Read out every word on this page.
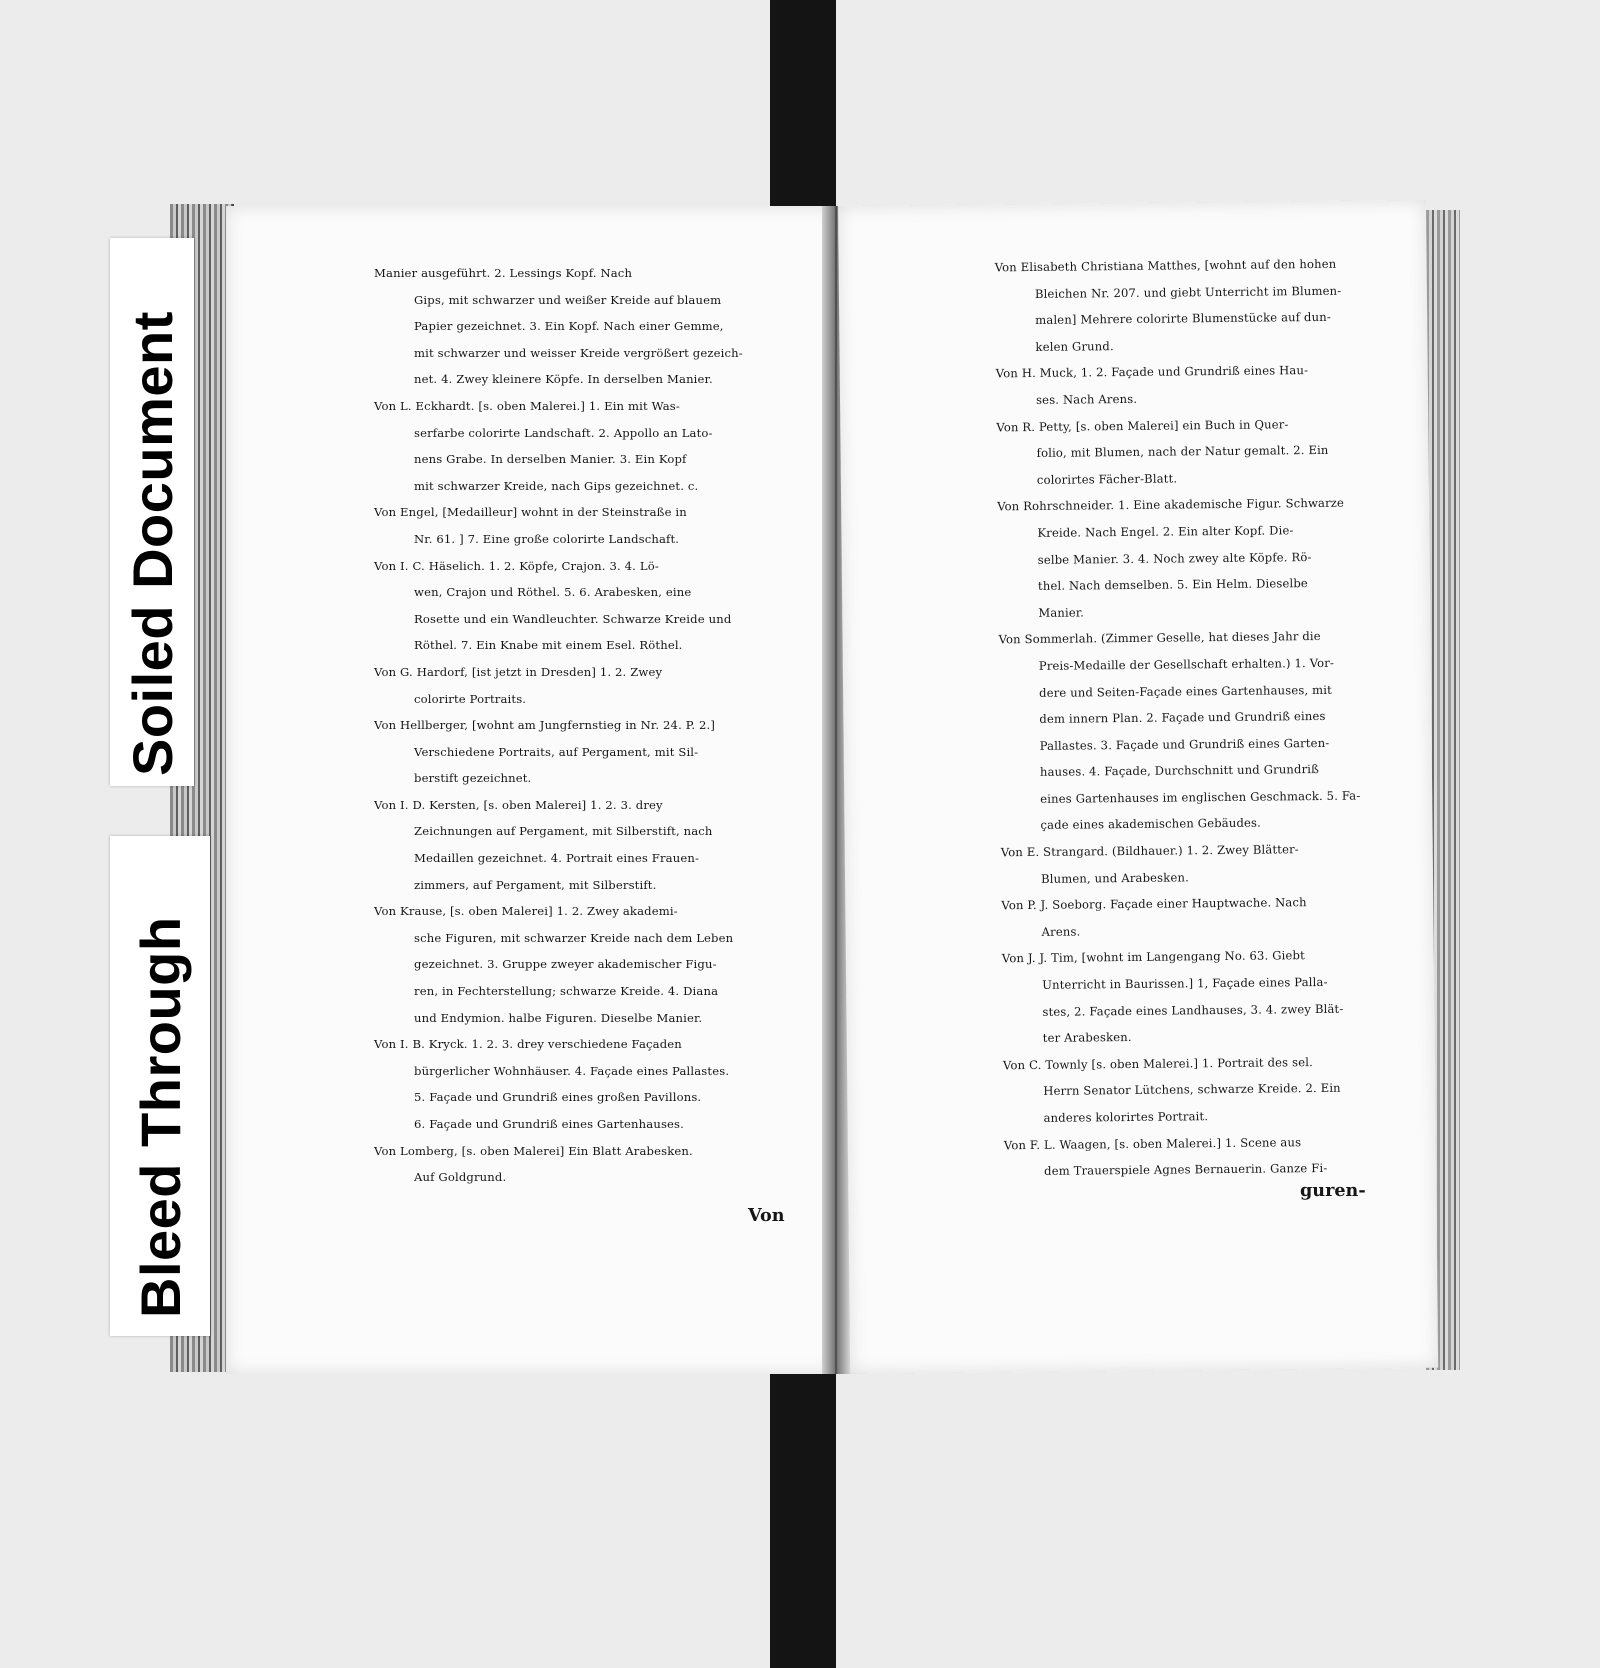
Manier ausgeführt. 2. Lessings Kopf. Nach
Gips, mit schwarzer und weißer Kreide auf blauem
Papier gezeichnet. 3. Ein Kopf. Nach einer Gemme,
mit schwarzer und weisser Kreide vergrößert gezeich-
net. 4. Zwey kleinere Köpfe. In derselben Manier.
Von L. Eckhardt. [s. oben Malerei.] 1. Ein mit Was-
serfarbe colorirte Landschaft. 2. Appollo an Lato-
nens Grabe. In derselben Manier. 3. Ein Kopf
mit schwarzer Kreide, nach Gips gezeichnet. c.
Von Engel, [Medailleur] wohnt in der Steinstraße in
Nr. 61. ] 7. Eine große colorirte Landschaft.
Von I. C. Häselich. 1. 2. Köpfe, Crajon. 3. 4. Lö-
wen, Crajon und Röthel. 5. 6. Arabesken, eine
Rosette und ein Wandleuchter. Schwarze Kreide und
Röthel. 7. Ein Knabe mit einem Esel. Röthel.
Von G. Hardorf, [ist jetzt in Dresden] 1. 2. Zwey
colorirte Portraits.
Von Hellberger, [wohnt am Jungfernstieg in Nr. 24. P. 2.]
Verschiedene Portraits, auf Pergament, mit Sil-
berstift gezeichnet.
Von I. D. Kersten, [s. oben Malerei] 1. 2. 3. drey
Zeichnungen auf Pergament, mit Silberstift, nach
Medaillen gezeichnet. 4. Portrait eines Frauen-
zimmers, auf Pergament, mit Silberstift.
Von Krause, [s. oben Malerei] 1. 2. Zwey akademi-
sche Figuren, mit schwarzer Kreide nach dem Leben
gezeichnet. 3. Gruppe zweyer akademischer Figu-
ren, in Fechterstellung; schwarze Kreide. 4. Diana
und Endymion. halbe Figuren. Dieselbe Manier.
Von I. B. Kryck. 1. 2. 3. drey verschiedene Façaden
bürgerlicher Wohnhäuser. 4. Façade eines Pallastes.
5. Façade und Grundriß eines großen Pavillons.
6. Façade und Grundriß eines Gartenhauses.
Von Lomberg, [s. oben Malerei] Ein Blatt Arabesken.
Auf Goldgrund.
Von Elisabeth Christiana Matthes, [wohnt auf den hohen
Bleichen Nr. 207. und giebt Unterricht im Blumen-
malen] Mehrere colorirte Blumenstücke auf dun-
kelen Grund.
Von H. Muck, 1. 2. Façade und Grundriß eines Hau-
ses. Nach Arens.
Von R. Petty, [s. oben Malerei] ein Buch in Quer-
folio, mit Blumen, nach der Natur gemalt. 2. Ein
colorirtes Fächer-Blatt.
Von Rohrschneider. 1. Eine akademische Figur. Schwarze
Kreide. Nach Engel. 2. Ein alter Kopf. Die-
selbe Manier. 3. 4. Noch zwey alte Köpfe. Rö-
thel. Nach demselben. 5. Ein Helm. Dieselbe
Manier.
Von Sommerlah. (Zimmer Geselle, hat dieses Jahr die
Preis-Medaille der Gesellschaft erhalten.) 1. Vor-
dere und Seiten-Façade eines Gartenhauses, mit
dem innern Plan. 2. Façade und Grundriß eines
Pallastes. 3. Façade und Grundriß eines Garten-
hauses. 4. Façade, Durchschnitt und Grundriß
eines Gartenhauses im englischen Geschmack. 5. Fa-
çade eines akademischen Gebäudes.
Von E. Strangard. (Bildhauer.) 1. 2. Zwey Blätter-
Blumen, und Arabesken.
Von P. J. Soeborg. Façade einer Hauptwache. Nach
Arens.
Von J. J. Tim, [wohnt im Langengang No. 63. Giebt
Unterricht in Baurissen.] 1, Façade eines Palla-
stes, 2. Façade eines Landhauses, 3. 4. zwey Blät-
ter Arabesken.
Von C. Townly [s. oben Malerei.] 1. Portrait des sel.
Herrn Senator Lütchens, schwarze Kreide. 2. Ein
anderes kolorirtes Portrait.
Von F. L. Waagen, [s. oben Malerei.] 1. Scene aus
dem Trauerspiele Agnes Bernauerin. Ganze Fi-
Von
guren-
Soiled Document
Bleed Through
